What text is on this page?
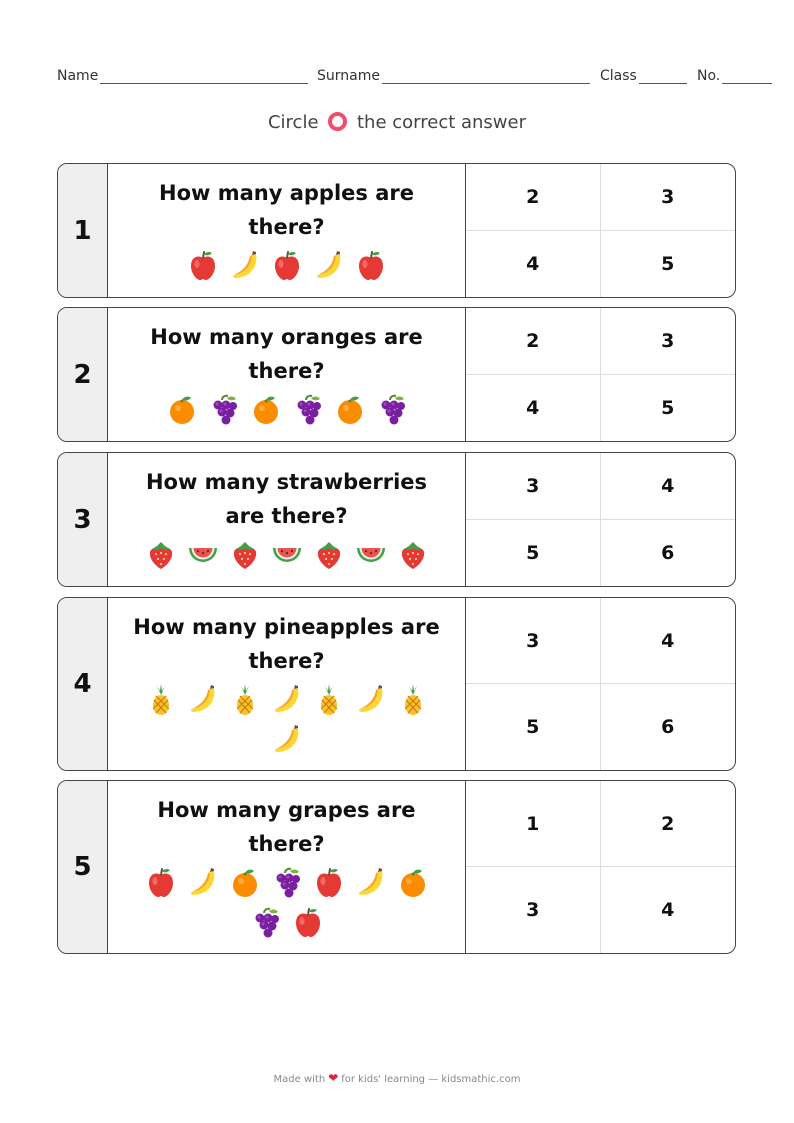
Name	Surname	Class	No.
Circle the correct answer
1
How many apples are there?
2	3
4	5
2
How many oranges are there?
2	3
4	5
3
How many strawberries are there?
3	4
5	6
4
How many pineapples are there?
3	4
5	6
5
How many grapes are there?
1	2
3	4
Made with ❤ for kids' learning — kidsmathic.com
